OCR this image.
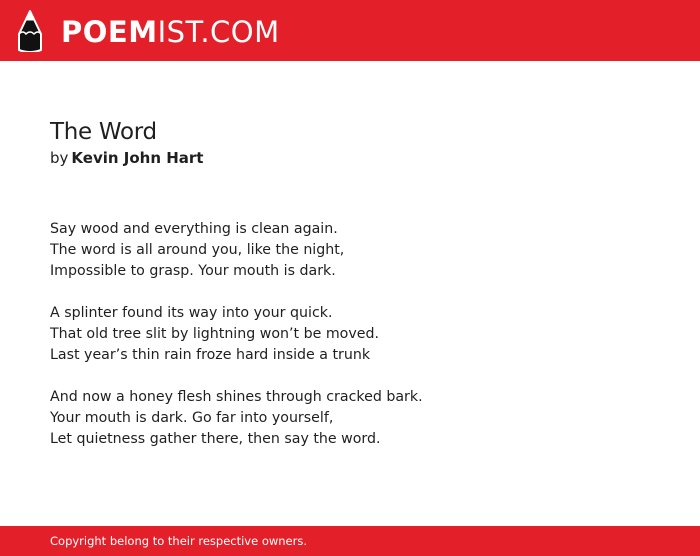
POEMIST.COM
The Word
by Kevin John Hart
Say wood and everything is clean again.
The word is all around you, like the night,
Impossible to grasp. Your mouth is dark.
A splinter found its way into your quick.
That old tree slit by lightning won’t be moved.
Last year’s thin rain froze hard inside a trunk
And now a honey flesh shines through cracked bark.
Your mouth is dark. Go far into yourself,
Let quietness gather there, then say the word.
Copyright belong to their respective owners.
